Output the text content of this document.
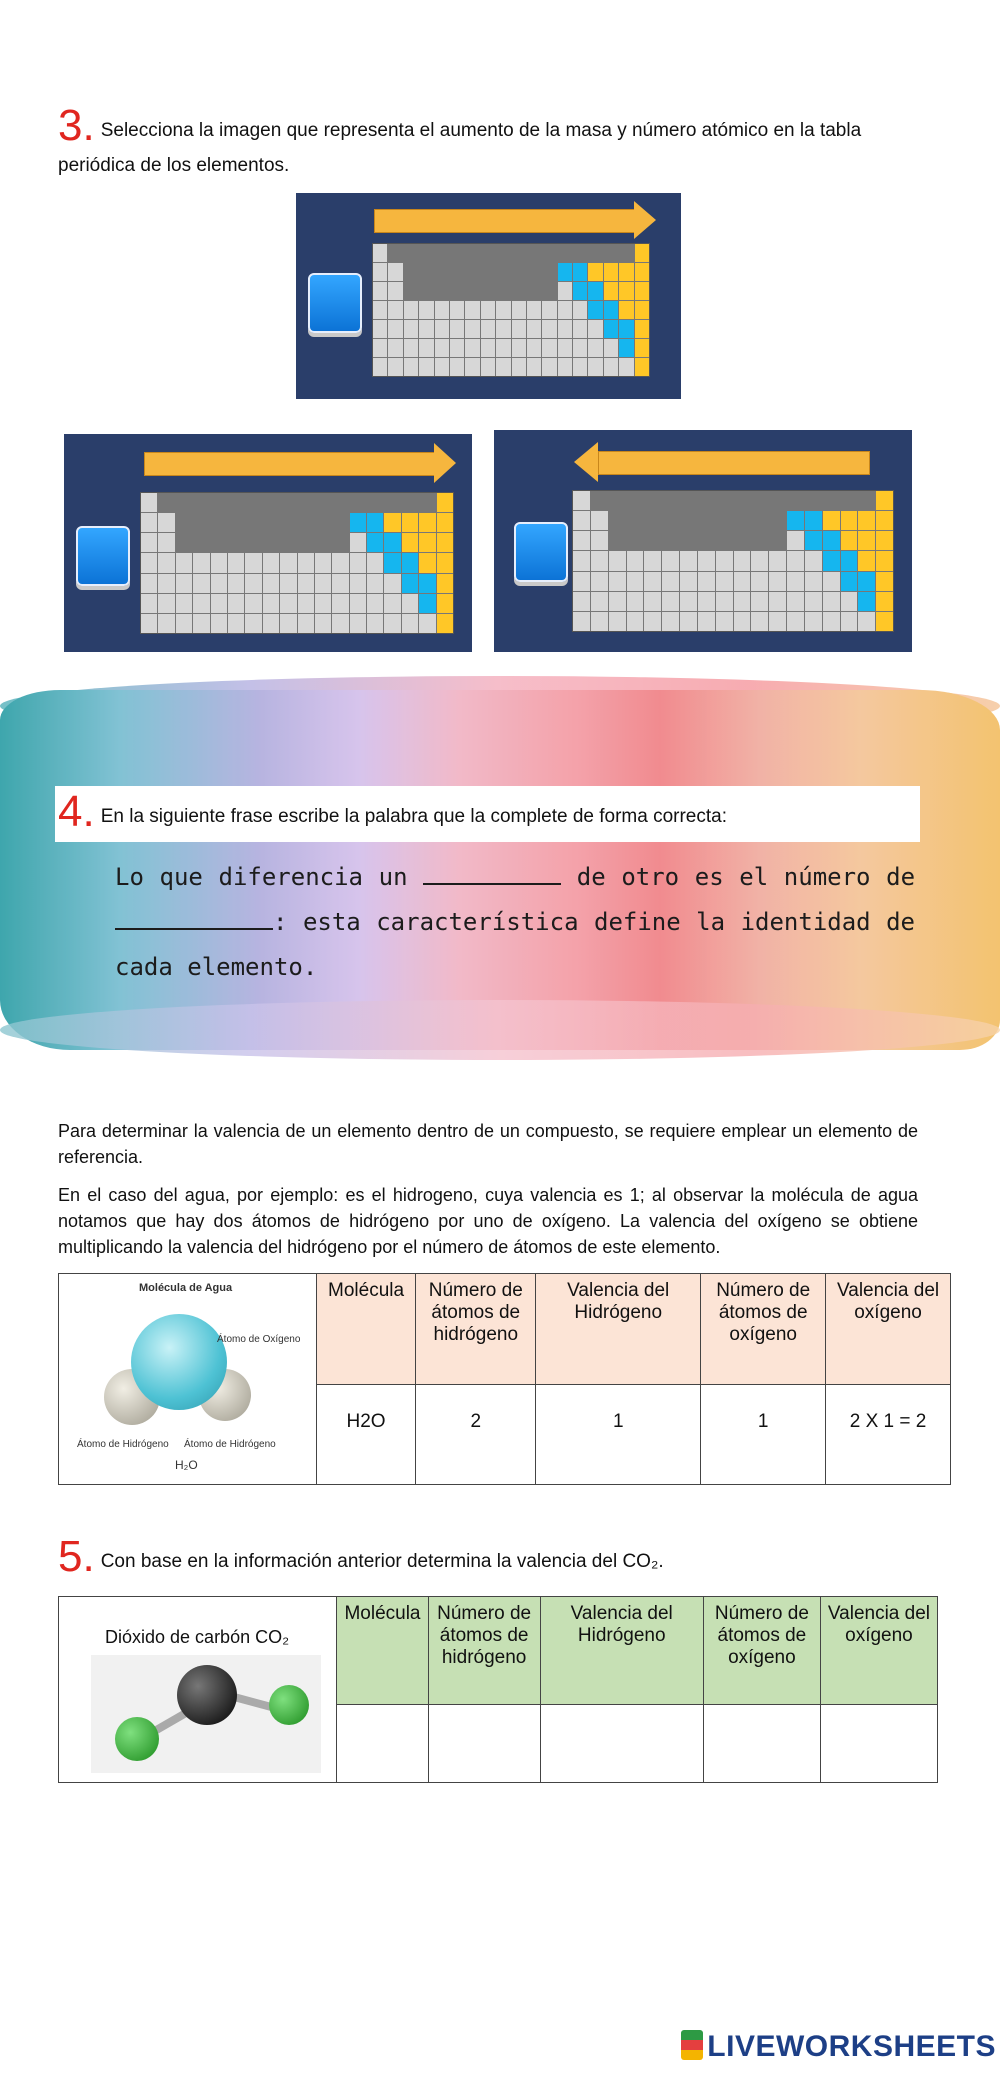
3. Selecciona la imagen que representa el aumento de la masa y número atómico en la tabla
periódica de los elementos.
4. En la siguiente frase escribe la palabra que la complete de forma correcta:
Lo que diferencia un	de otro es el número de : esta característica define la identidad de cada elemento.
Para determinar la valencia de un elemento dentro de un compuesto, se requiere emplear un elemento de referencia.
En el caso del agua, por ejemplo: es el hidrogeno, cuya valencia es 1; al observar la molécula de agua notamos que hay dos átomos de hidrógeno por uno de oxígeno. La valencia del oxígeno se obtiene multiplicando la valencia del hidrógeno por el número de átomos de este elemento.
Molécula de Agua
Átomo de Oxígeno
Átomo de Hidrógeno Átomo de Hidrógeno
H₂O	Molécula	Número de átomos de hidrógeno	Valencia del Hidrógeno	Número de átomos de oxígeno	Valencia del oxígeno
	H2O	2	1	1	2 X 1 = 2
5. Con base en la información anterior determina la valencia del CO₂.
Dióxido de carbón CO₂	Molécula	Número de átomos de hidrógeno	Valencia del Hidrógeno	Número de átomos de oxígeno	Valencia del oxígeno

LIVEWORKSHEETS
